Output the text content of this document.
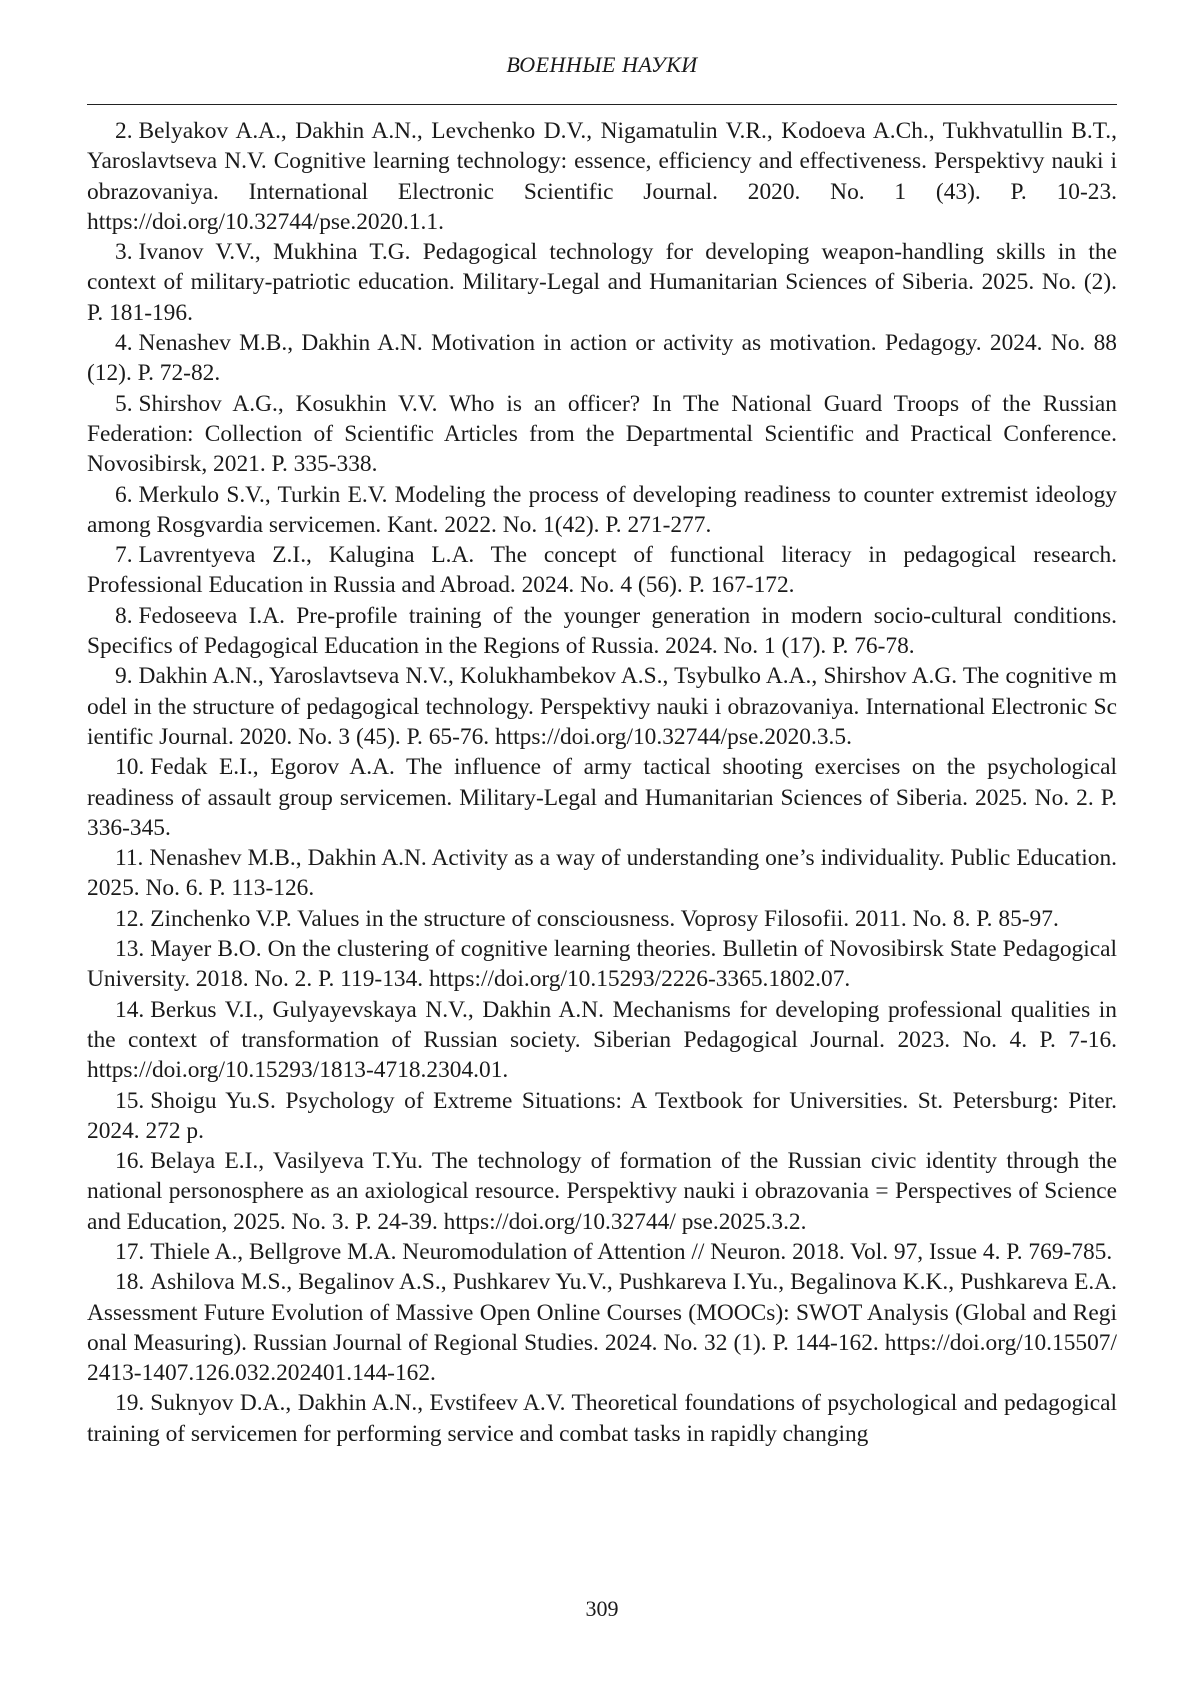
ВОЕННЫЕ НАУКИ
2. Belyakov A.A., Dakhin A.N., Levchenko D.V., Nigamatulin V.R., Kodoeva A.Ch., Tukhvatullin B.T., Yaroslavtseva N.V. Cognitive learning technology: essence, efficiency and effectiveness. Perspektivy nauki i obrazovaniya. International Electronic Scientific Journal. 2020. No. 1 (43). P. 10-23. https://doi.org/10.32744/pse.2020.1.1.
3. Ivanov V.V., Mukhina T.G. Pedagogical technology for developing weapon-handling skills in the context of military-patriotic education. Military-Legal and Humanitarian Sciences of Siberia. 2025. No. (2). P. 181-196.
4. Nenashev M.B., Dakhin A.N. Motivation in action or activity as motivation. Pedagogy. 2024. No. 88 (12). P. 72-82.
5. Shirshov A.G., Kosukhin V.V. Who is an officer? In The National Guard Troops of the Russian Federation: Collection of Scientific Articles from the Departmental Scientific and Practical Conference. Novosibirsk, 2021. P. 335-338.
6. Merkulo S.V., Turkin E.V. Modeling the process of developing readiness to counter extremist ideology among Rosgvardia servicemen. Kant. 2022. No. 1(42). P. 271-277.
7. Lavrentyeva Z.I., Kalugina L.A. The concept of functional literacy in pedagogical research. Professional Education in Russia and Abroad. 2024. No. 4 (56). P. 167-172.
8. Fedoseeva I.A. Pre-profile training of the younger generation in modern socio-cultural conditions. Specifics of Pedagogical Education in the Regions of Russia. 2024. No. 1 (17). P. 76-78.
9. Dakhin A.N., Yaroslavtseva N.V., Kolukhambekov A.S., Tsybulko A.A., Shirshov A.G. The cognitive model in the structure of pedagogical technology. Perspektivy nauki i obrazovaniya. International Electronic Scientific Journal. 2020. No. 3 (45). P. 65-76. https://doi.org/10.32744/pse.2020.3.5.
10. Fedak E.I., Egorov A.A. The influence of army tactical shooting exercises on the psychological readiness of assault group servicemen. Military-Legal and Humanitarian Sciences of Siberia. 2025. No. 2. P. 336-345.
11. Nenashev M.B., Dakhin A.N. Activity as a way of understanding one’s individuality. Public Education. 2025. No. 6. P. 113-126.
12. Zinchenko V.P. Values in the structure of consciousness. Voprosy Filosofii. 2011. No. 8. P. 85-97.
13. Mayer B.O. On the clustering of cognitive learning theories. Bulletin of Novosibirsk State Pedagogical University. 2018. No. 2. P. 119-134. https://doi.org/10.15293/2226-3365.1802.07.
14. Berkus V.I., Gulyayevskaya N.V., Dakhin A.N. Mechanisms for developing professional qualities in the context of transformation of Russian society. Siberian Pedagogical Journal. 2023. No. 4. P. 7-16. https://doi.org/10.15293/1813-4718.2304.01.
15. Shoigu Yu.S. Psychology of Extreme Situations: A Textbook for Universities. St. Petersburg: Piter. 2024. 272 p.
16. Belaya E.I., Vasilyeva T.Yu. The technology of formation of the Russian civic identity through the national personosphere as an axiological resource. Perspektivy nauki i obrazovania = Perspectives of Science and Education, 2025. No. 3. P. 24-39. https://doi.org/10.32744/ pse.2025.3.2.
17. Thiele A., Bellgrove M.A. Neuromodulation of Attention // Neuron. 2018. Vol. 97, Issue 4. P. 769-785.
18. Ashilova M.S., Begalinov A.S., Pushkarev Yu.V., Pushkareva I.Yu., Begalinova K.K., Pushkareva E.A. Assessment Future Evolution of Massive Open Online Courses (MOOCs): SWOT Analysis (Global and Regional Measuring). Russian Journal of Regional Studies. 2024. No. 32 (1). P. 144-162. https://doi.org/10.15507/2413-1407.126.032.202401.144-162.
19. Suknyov D.A., Dakhin A.N., Evstifeev A.V. Theoretical foundations of psychological and pedagogical training of servicemen for performing service and combat tasks in rapidly changing
309
